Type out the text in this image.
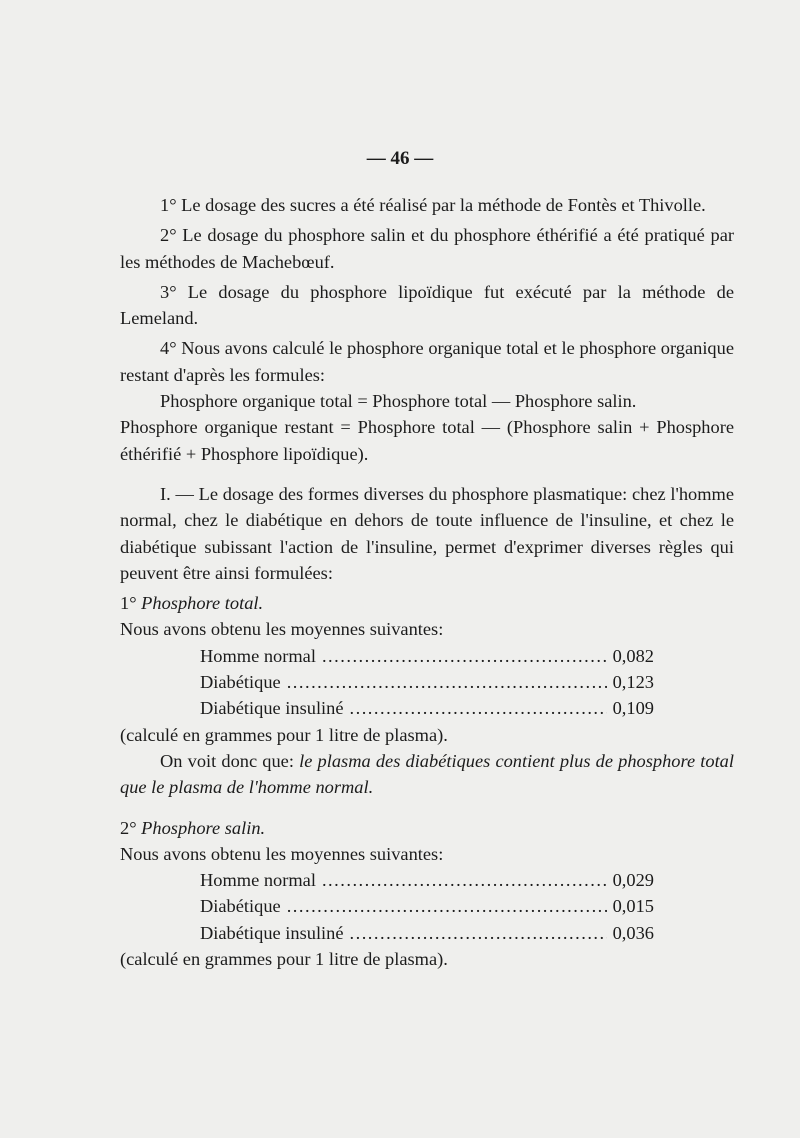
— 46 —

1° Le dosage des sucres a été réalisé par la méthode de Fontès et Thivolle.

2° Le dosage du phosphore salin et du phosphore éthérifié a été pratiqué par les méthodes de Machebœuf.

3° Le dosage du phosphore lipoïdique fut exécuté par la méthode de Lemeland.

4° Nous avons calculé le phosphore organique total et le phosphore organique restant d'après les formules:

Phosphore organique total = Phosphore total — Phosphore salin.

Phosphore organique restant = Phosphore total — (Phosphore salin + Phosphore éthérifié + Phosphore lipoïdique).

I. — Le dosage des formes diverses du phosphore plasmatique: chez l'homme normal, chez le diabétique en dehors de toute influence de l'insuline, et chez le diabétique subissant l'action de l'insuline, permet d'exprimer diverses règles qui peuvent être ainsi formulées:

1° Phosphore total.

Nous avons obtenu les moyennes suivantes:

Homme normal .....	0,082
Diabétique .....	0,123
Diabétique insuliné .....	0,109

(calculé en grammes pour 1 litre de plasma).

On voit donc que: le plasma des diabétiques contient plus de phosphore total que le plasma de l'homme normal.

2° Phosphore salin.

Nous avons obtenu les moyennes suivantes:

Homme normal .....	0,029
Diabétique .....	0,015
Diabétique insuliné .....	0,036

(calculé en grammes pour 1 litre de plasma).
